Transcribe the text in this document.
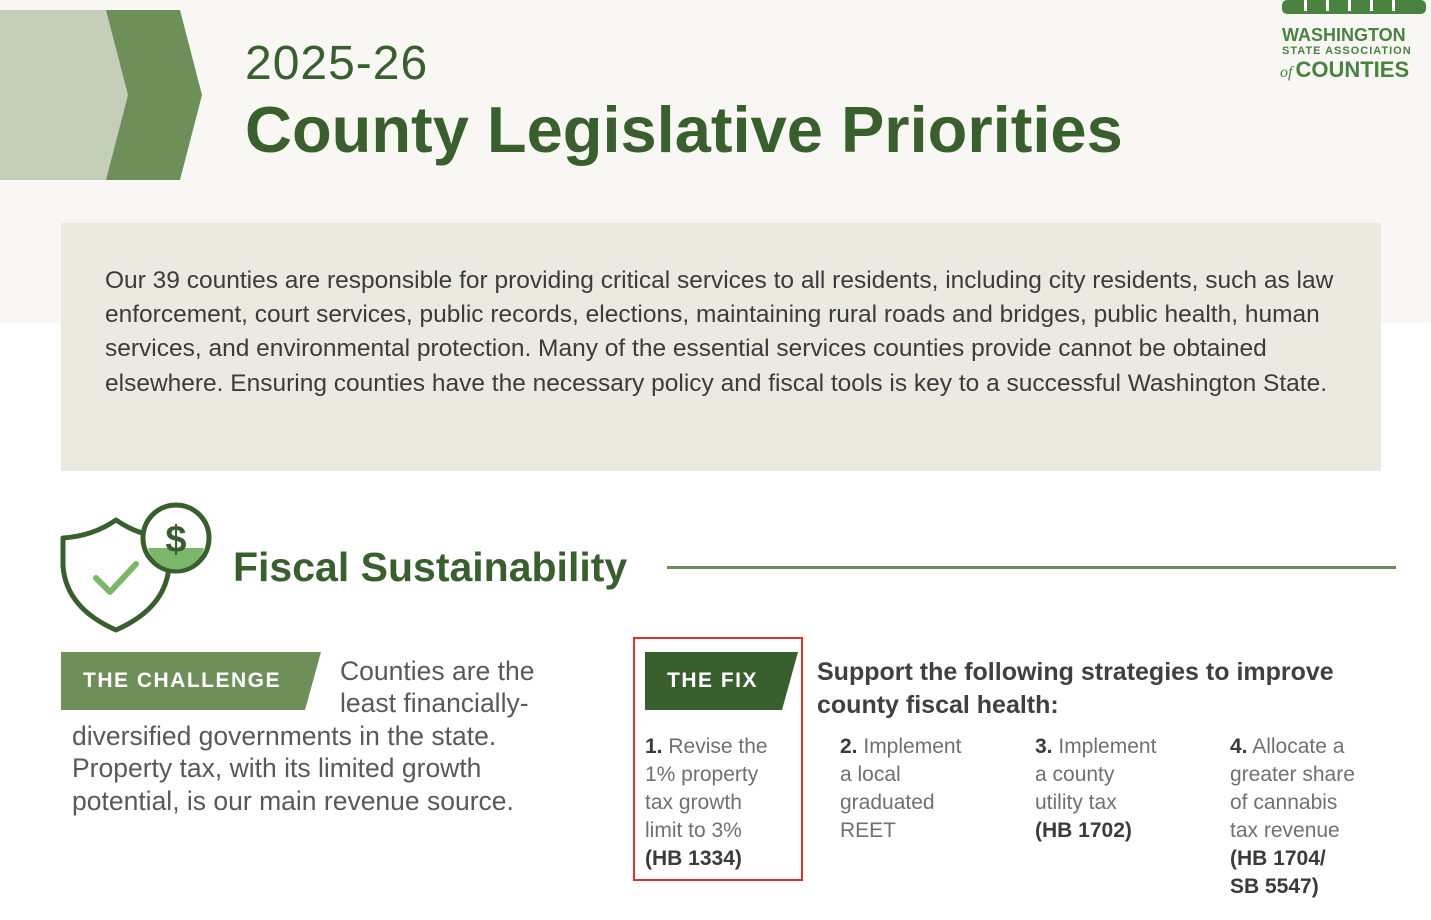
2025-26
County Legislative Priorities
WASHINGTON
STATE ASSOCIATION
of COUNTIES
Our 39 counties are responsible for providing critical services to all residents, including city residents, such as law enforcement, court services, public records, elections, maintaining rural roads and bridges, public health, human services, and environmental protection. Many of the essential services counties provide cannot be obtained elsewhere. Ensuring counties have the necessary policy and fiscal tools is key to a successful Washington State.
$
Fiscal Sustainability
THE CHALLENGE Counties are the
least financially-
diversified governments in the state.
Property tax, with its limited growth
potential, is our main revenue source.
THE FIX Support the following strategies to improve county fiscal health:
1. Revise the
1% property
tax growth
limit to 3%
(HB 1334)
2. Implement
a local
graduated
REET
3. Implement
a county
utility tax
(HB 1702)
4. Allocate a
greater share
of cannabis
tax revenue
(HB 1704/
SB 5547)
